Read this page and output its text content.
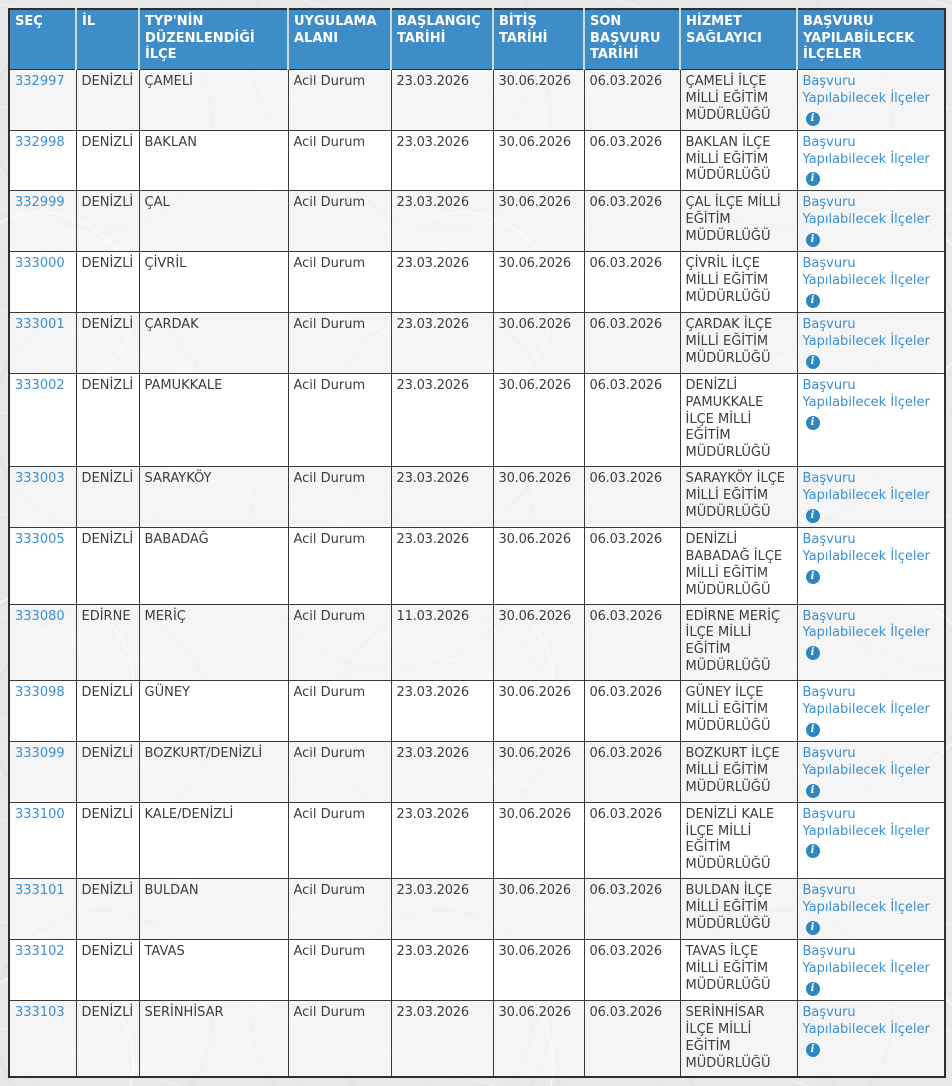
SEÇ	İL	TYP'NİN DÜZENLENDİĞİ İLÇE	UYGULAMA ALANI	BAŞLANGIÇ TARİHİ	BİTİŞ TARİHİ	SON BAŞVURU TARİHİ	HİZMET SAĞLAYICI	BAŞVURU YAPILABİLECEK İLÇELER
332997	DENİZLİ	ÇAMELİ	Acil Durum	23.03.2026	30.06.2026	06.03.2026	ÇAMELİ İLÇE MİLLİ EĞİTİM MÜDÜRLÜĞÜ	Başvuru Yapılabilecek İlçeleri
332998	DENİZLİ	BAKLAN	Acil Durum	23.03.2026	30.06.2026	06.03.2026	BAKLAN İLÇE MİLLİ EĞİTİM MÜDÜRLÜĞÜ	Başvuru Yapılabilecek İlçeleri
332999	DENİZLİ	ÇAL	Acil Durum	23.03.2026	30.06.2026	06.03.2026	ÇAL İLÇE MİLLİ EĞİTİM MÜDÜRLÜĞÜ	Başvuru Yapılabilecek İlçeleri
333000	DENİZLİ	ÇİVRİL	Acil Durum	23.03.2026	30.06.2026	06.03.2026	ÇİVRİL İLÇE MİLLİ EĞİTİM MÜDÜRLÜĞÜ	Başvuru Yapılabilecek İlçeleri
333001	DENİZLİ	ÇARDAK	Acil Durum	23.03.2026	30.06.2026	06.03.2026	ÇARDAK İLÇE MİLLİ EĞİTİM MÜDÜRLÜĞÜ	Başvuru Yapılabilecek İlçeleri
333002	DENİZLİ	PAMUKKALE	Acil Durum	23.03.2026	30.06.2026	06.03.2026	DENİZLİ PAMUKKALE İLÇE MİLLİ EĞİTİM MÜDÜRLÜĞÜ	Başvuru Yapılabilecek İlçeleri
333003	DENİZLİ	SARAYKÖY	Acil Durum	23.03.2026	30.06.2026	06.03.2026	SARAYKÖY İLÇE MİLLİ EĞİTİM MÜDÜRLÜĞÜ	Başvuru Yapılabilecek İlçeleri
333005	DENİZLİ	BABADAĞ	Acil Durum	23.03.2026	30.06.2026	06.03.2026	DENİZLİ BABADAĞ İLÇE MİLLİ EĞİTİM MÜDÜRLÜĞÜ	Başvuru Yapılabilecek İlçeleri
333080	EDİRNE	MERİÇ	Acil Durum	11.03.2026	30.06.2026	06.03.2026	EDİRNE MERİÇ İLÇE MİLLİ EĞİTİM MÜDÜRLÜĞÜ	Başvuru Yapılabilecek İlçeleri
333098	DENİZLİ	GÜNEY	Acil Durum	23.03.2026	30.06.2026	06.03.2026	GÜNEY İLÇE MİLLİ EĞİTİM MÜDÜRLÜĞÜ	Başvuru Yapılabilecek İlçeleri
333099	DENİZLİ	BOZKURT/DENİZLİ	Acil Durum	23.03.2026	30.06.2026	06.03.2026	BOZKURT İLÇE MİLLİ EĞİTİM MÜDÜRLÜĞÜ	Başvuru Yapılabilecek İlçeleri
333100	DENİZLİ	KALE/DENİZLİ	Acil Durum	23.03.2026	30.06.2026	06.03.2026	DENİZLİ KALE İLÇE MİLLİ EĞİTİM MÜDÜRLÜĞÜ	Başvuru Yapılabilecek İlçeleri
333101	DENİZLİ	BULDAN	Acil Durum	23.03.2026	30.06.2026	06.03.2026	BULDAN İLÇE MİLLİ EĞİTİM MÜDÜRLÜĞÜ	Başvuru Yapılabilecek İlçeleri
333102	DENİZLİ	TAVAS	Acil Durum	23.03.2026	30.06.2026	06.03.2026	TAVAS İLÇE MİLLİ EĞİTİM MÜDÜRLÜĞÜ	Başvuru Yapılabilecek İlçeleri
333103	DENİZLİ	SERİNHİSAR	Acil Durum	23.03.2026	30.06.2026	06.03.2026	SERİNHİSAR İLÇE MİLLİ EĞİTİM MÜDÜRLÜĞÜ	Başvuru Yapılabilecek İlçeleri
